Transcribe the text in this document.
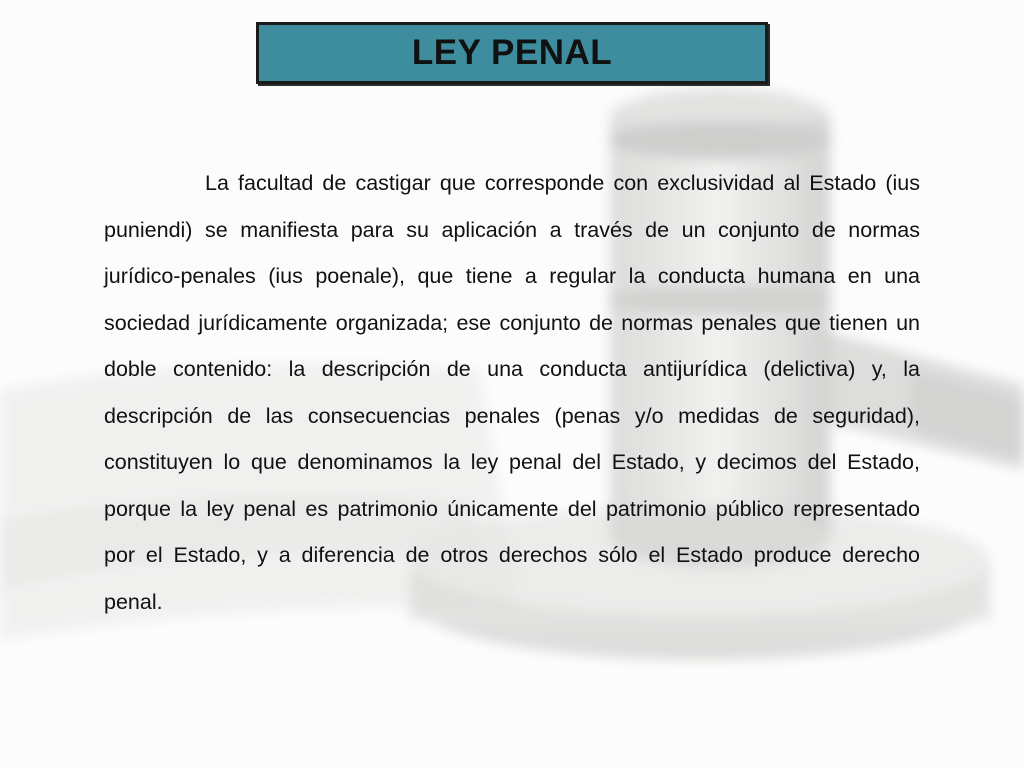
LEY PENAL

La facultad de castigar que corresponde con exclusividad al Estado (ius puniendi) se manifiesta para su aplicación a través de un conjunto de normas jurídico-penales (ius poenale), que tiene a regular la conducta humana en una sociedad jurídicamente organizada; ese conjunto de normas penales que tienen un doble contenido: la descripción de una conducta antijurídica (delictiva) y, la descripción de las consecuencias penales (penas y/o medidas de seguridad), constituyen lo que denominamos la ley penal del Estado, y decimos del Estado, porque la ley penal es patrimonio únicamente del patrimonio público representado por el Estado, y a diferencia de otros derechos sólo el Estado produce derecho penal.
